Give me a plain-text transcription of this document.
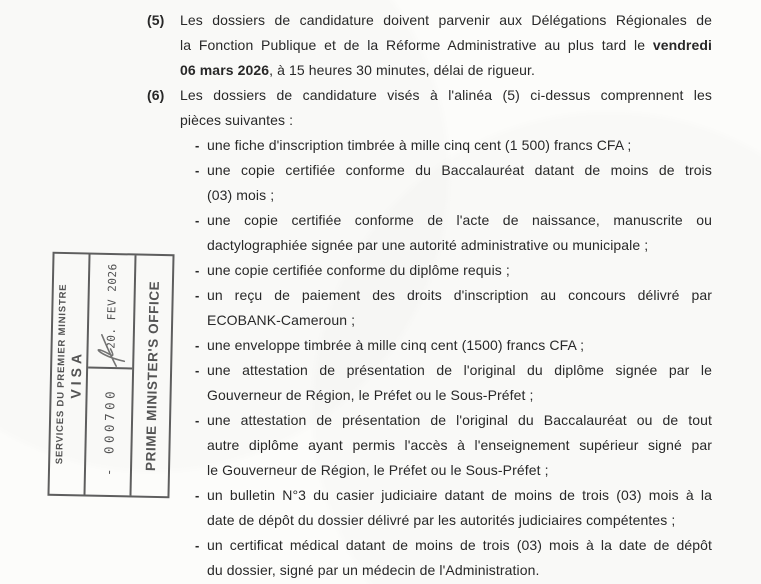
SERVICES DU PREMIER MINISTRE
VISA
- 000700
20. FEV 2026	PRIME MINISTER'S OFFICE
(5) Les dossiers de candidature doivent parvenir aux Délégations Régionales de
la Fonction Publique et de la Réforme Administrative au plus tard le vendredi
06 mars 2026, à 15 heures 30 minutes, délai de rigueur.
(6) Les dossiers de candidature visés à l'alinéa (5) ci-dessus comprennent les
pièces suivantes :
- une fiche d'inscription timbrée à mille cinq cent (1 500) francs CFA ;
- une copie certifiée conforme du Baccalauréat datant de moins de trois
(03) mois ;
- une copie certifiée conforme de l'acte de naissance, manuscrite ou
dactylographiée signée par une autorité administrative ou municipale ;
- une copie certifiée conforme du diplôme requis ;
- un reçu de paiement des droits d'inscription au concours délivré par
ECOBANK-Cameroun ;
- une enveloppe timbrée à mille cinq cent (1500) francs CFA ;
- une attestation de présentation de l'original du diplôme signée par le
Gouverneur de Région, le Préfet ou le Sous-Préfet ;
- une attestation de présentation de l'original du Baccalauréat ou de tout
autre diplôme ayant permis l'accès à l'enseignement supérieur signé par
le Gouverneur de Région, le Préfet ou le Sous-Préfet ;
- un bulletin N°3 du casier judiciaire datant de moins de trois (03) mois à la
date de dépôt du dossier délivré par les autorités judiciaires compétentes ;
- un certificat médical datant de moins de trois (03) mois à la date de dépôt
du dossier, signé par un médecin de l'Administration.
